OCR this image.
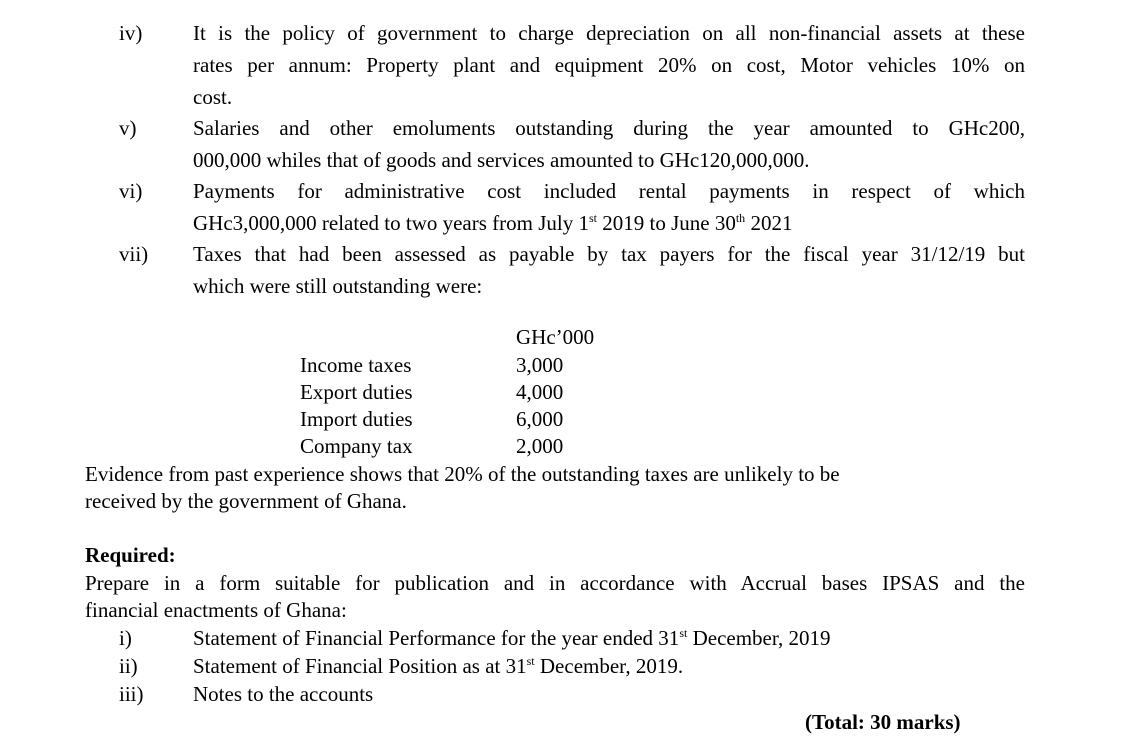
iv) It is the policy of government to charge depreciation on all non-financial assets at these
rates per annum: Property plant and equipment 20% on cost, Motor vehicles 10% on
cost.
v)	Salaries and other emoluments outstanding during the year amounted to GHc200,
000,000 whiles that of goods and services amounted to GHc120,000,000.
vi) Payments for administrative cost included rental payments in respect of which
GHc3,000,000 related to two years from July 1st 2019 to June 30th 2021
vii) Taxes that had been assessed as payable by tax payers for the fiscal year 31/12/19 but
which were still outstanding were:
GHc’000
Income taxes	3,000
Export duties	4,000
Import duties	6,000
Company tax	2,000
Evidence from past experience shows that 20% of the outstanding taxes are unlikely to be
received by the government of Ghana.
Required:
Prepare in a form suitable for publication and in accordance with Accrual bases IPSAS and the
financial enactments of Ghana:
i)	Statement of Financial Performance for the year ended 31st December, 2019
ii)	Statement of Financial Position as at 31st December, 2019.
iii) Notes to the accounts
(Total: 30 marks)
